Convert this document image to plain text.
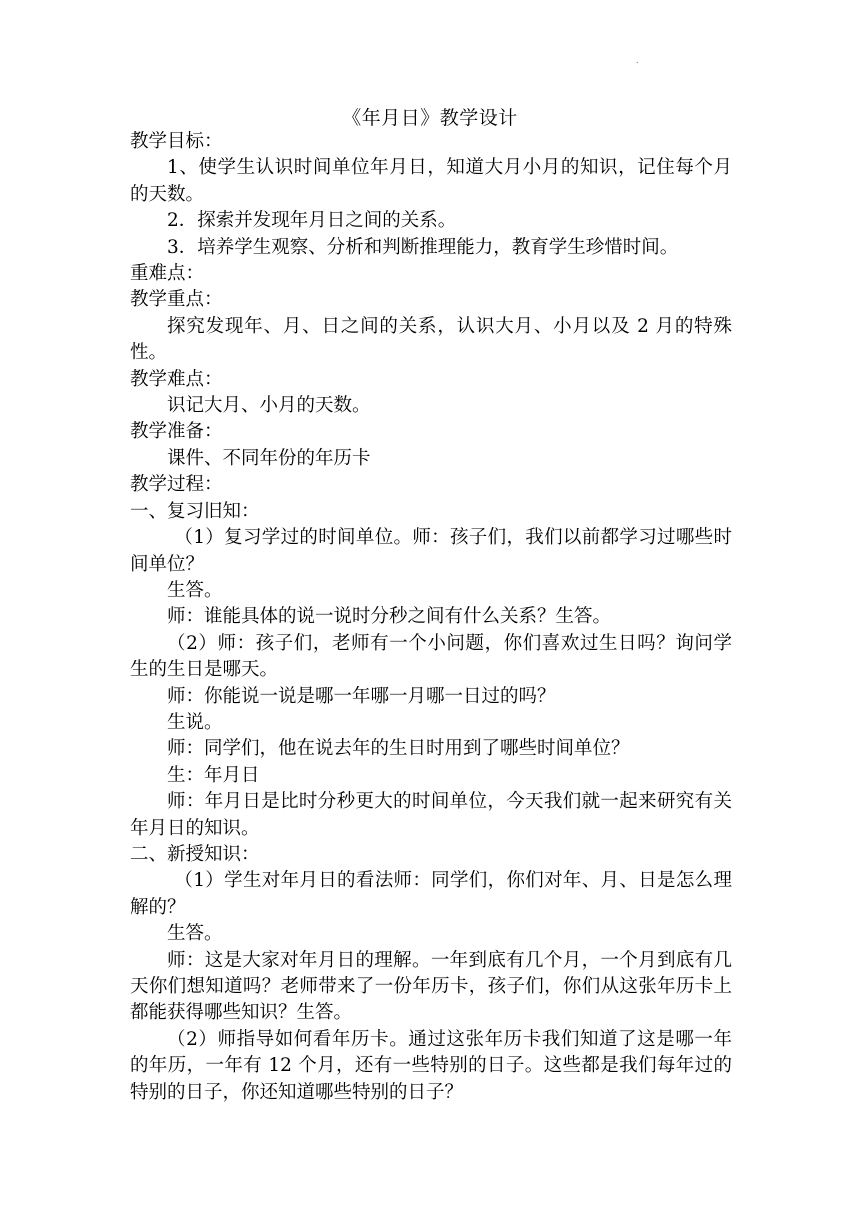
.
《年月日》教学设计

教学目标：

1、使学生认识时间单位年月日，知道大月小月的知识，记住每个月的天数。

2．探索并发现年月日之间的关系。

3．培养学生观察、分析和判断推理能力，教育学生珍惜时间。

重难点：

教学重点：

探究发现年、月、日之间的关系，认识大月、小月以及 2 月的特殊性。

教学难点：

识记大月、小月的天数。

教学准备：

课件、不同年份的年历卡

教学过程：

一、复习旧知：

（1）复习学过的时间单位。师：孩子们，我们以前都学习过哪些时间单位？

生答。

师：谁能具体的说一说时分秒之间有什么关系？生答。

（2）师：孩子们，老师有一个小问题，你们喜欢过生日吗？询问学生的生日是哪天。

师：你能说一说是哪一年哪一月哪一日过的吗？

生说。

师：同学们，他在说去年的生日时用到了哪些时间单位？

生：年月日

师：年月日是比时分秒更大的时间单位，今天我们就一起来研究有关年月日的知识。

二、新授知识：

（1）学生对年月日的看法师：同学们，你们对年、月、日是怎么理解的？

生答。

师：这是大家对年月日的理解。一年到底有几个月，一个月到底有几天你们想知道吗？老师带来了一份年历卡，孩子们，你们从这张年历卡上都能获得哪些知识？生答。

（2）师指导如何看年历卡。通过这张年历卡我们知道了这是哪一年的年历，一年有 12 个月，还有一些特别的日子。这些都是我们每年过的特别的日子，你还知道哪些特别的日子？
